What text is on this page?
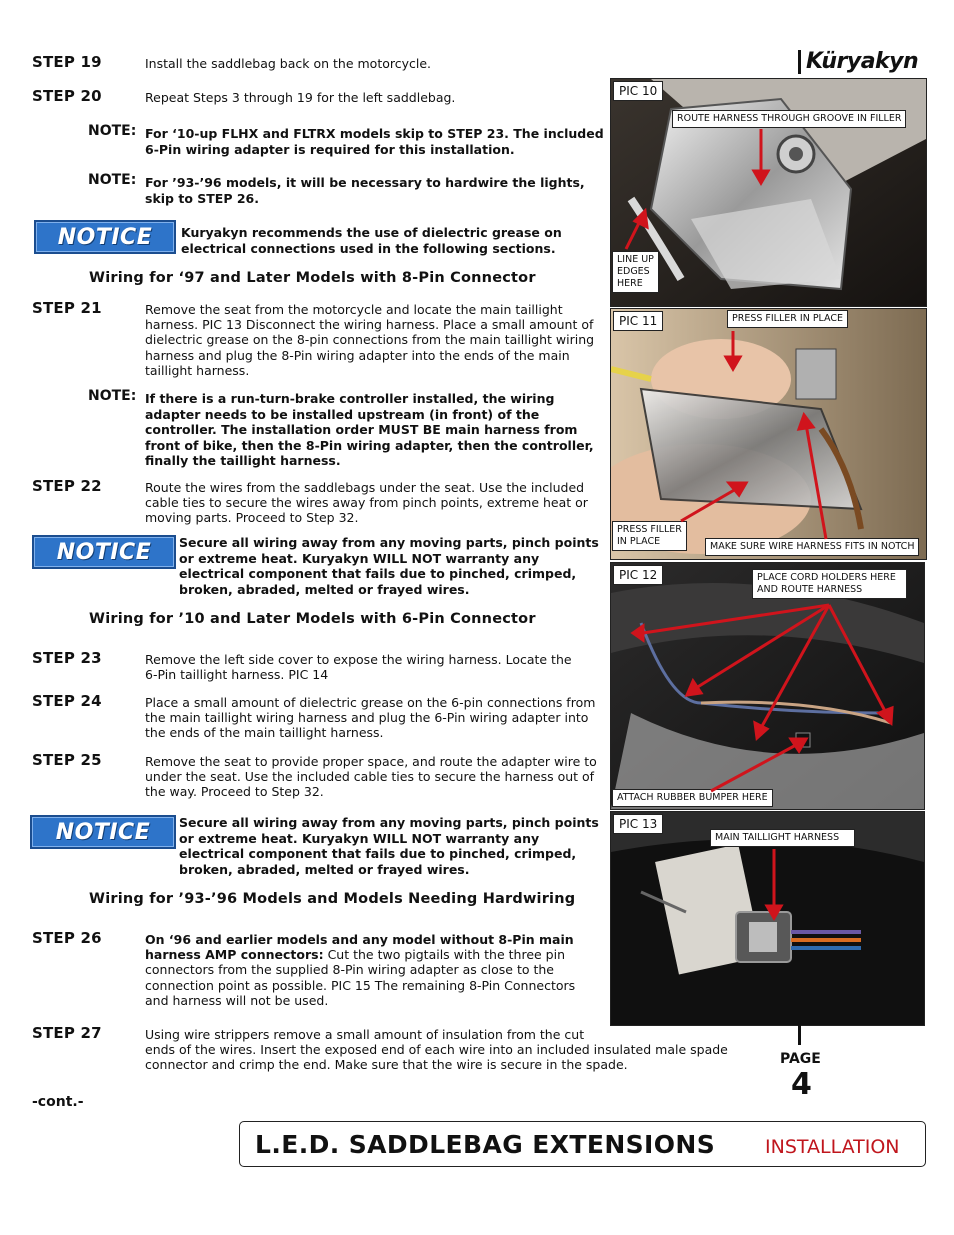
Küryakyn
STEP 19	Install the saddlebag back on the motorcycle.
STEP 20	Repeat Steps 3 through 19 for the left saddlebag.
NOTE: For ‘10-up FLHX and FLTRX models skip to STEP 23. The included
6-Pin wiring adapter is required for this installation.
NOTE: For ’93-’96 models, it will be necessary to hardwire the lights,
skip to STEP 26.
NOTICE	Kuryakyn recommends the use of dielectric grease on
electrical connections used in the following sections.
Wiring for ‘97 and Later Models with 8-Pin Connector
STEP 21	Remove the seat from the motorcycle and locate the main taillight
harness. PIC 13 Disconnect the wiring harness. Place a small amount of
dielectric grease on the 8-pin connections from the main taillight wiring
harness and plug the 8-Pin wiring adapter into the ends of the main
taillight harness.
NOTE: If there is a run-turn-brake controller installed, the wiring
adapter needs to be installed upstream (in front) of the
controller. The installation order MUST BE main harness from
front of bike, then the 8-Pin wiring adapter, then the controller,
finally the taillight harness.
STEP 22	Route the wires from the saddlebags under the seat. Use the included
cable ties to secure the wires away from pinch points, extreme heat or
moving parts. Proceed to Step 32.
NOTICE	Secure all wiring away from any moving parts, pinch points
or extreme heat. Kuryakyn WILL NOT warranty any
electrical component that fails due to pinched, crimped,
broken, abraded, melted or frayed wires.
Wiring for ’10 and Later Models with 6-Pin Connector
STEP 23	Remove the left side cover to expose the wiring harness. Locate the
6-Pin taillight harness. PIC 14
STEP 24	Place a small amount of dielectric grease on the 6-pin connections from
the main taillight wiring harness and plug the 6-Pin wiring adapter into
the ends of the main taillight harness.
STEP 25	Remove the seat to provide proper space, and route the adapter wire to
under the seat. Use the included cable ties to secure the harness out of
the way. Proceed to Step 32.
NOTICE	Secure all wiring away from any moving parts, pinch points
or extreme heat. Kuryakyn WILL NOT warranty any
electrical component that fails due to pinched, crimped,
broken, abraded, melted or frayed wires.
Wiring for ’93-’96 Models and Models Needing Hardwiring
STEP 26	On ‘96 and earlier models and any model without 8-Pin main
harness AMP connectors: Cut the two pigtails with the three pin
connectors from the supplied 8-Pin wiring adapter as close to the
connection point as possible. PIC 15 The remaining 8-Pin Connectors
and harness will not be used.
STEP 27	Using wire strippers remove a small amount of insulation from the cut
ends of the wires. Insert the exposed end of each wire into an included insulated male spade
connector and crimp the end. Make sure that the wire is secure in the spade.
-cont.-
PIC 10
ROUTE HARNESS THROUGH GROOVE IN FILLER
LINE UP
EDGES
HERE
PIC 11	PRESS FILLER IN PLACE
PRESS FILLER
IN PLACE	MAKE SURE WIRE HARNESS FITS IN NOTCH
PIC 12	PLACE CORD HOLDERS HERE
AND ROUTE HARNESS
ATTACH RUBBER BUMPER HERE
PIC 13
MAIN TAILLIGHT HARNESS
PAGE
4
L.E.D. SADDLEBAG EXTENSIONS	INSTALLATION
